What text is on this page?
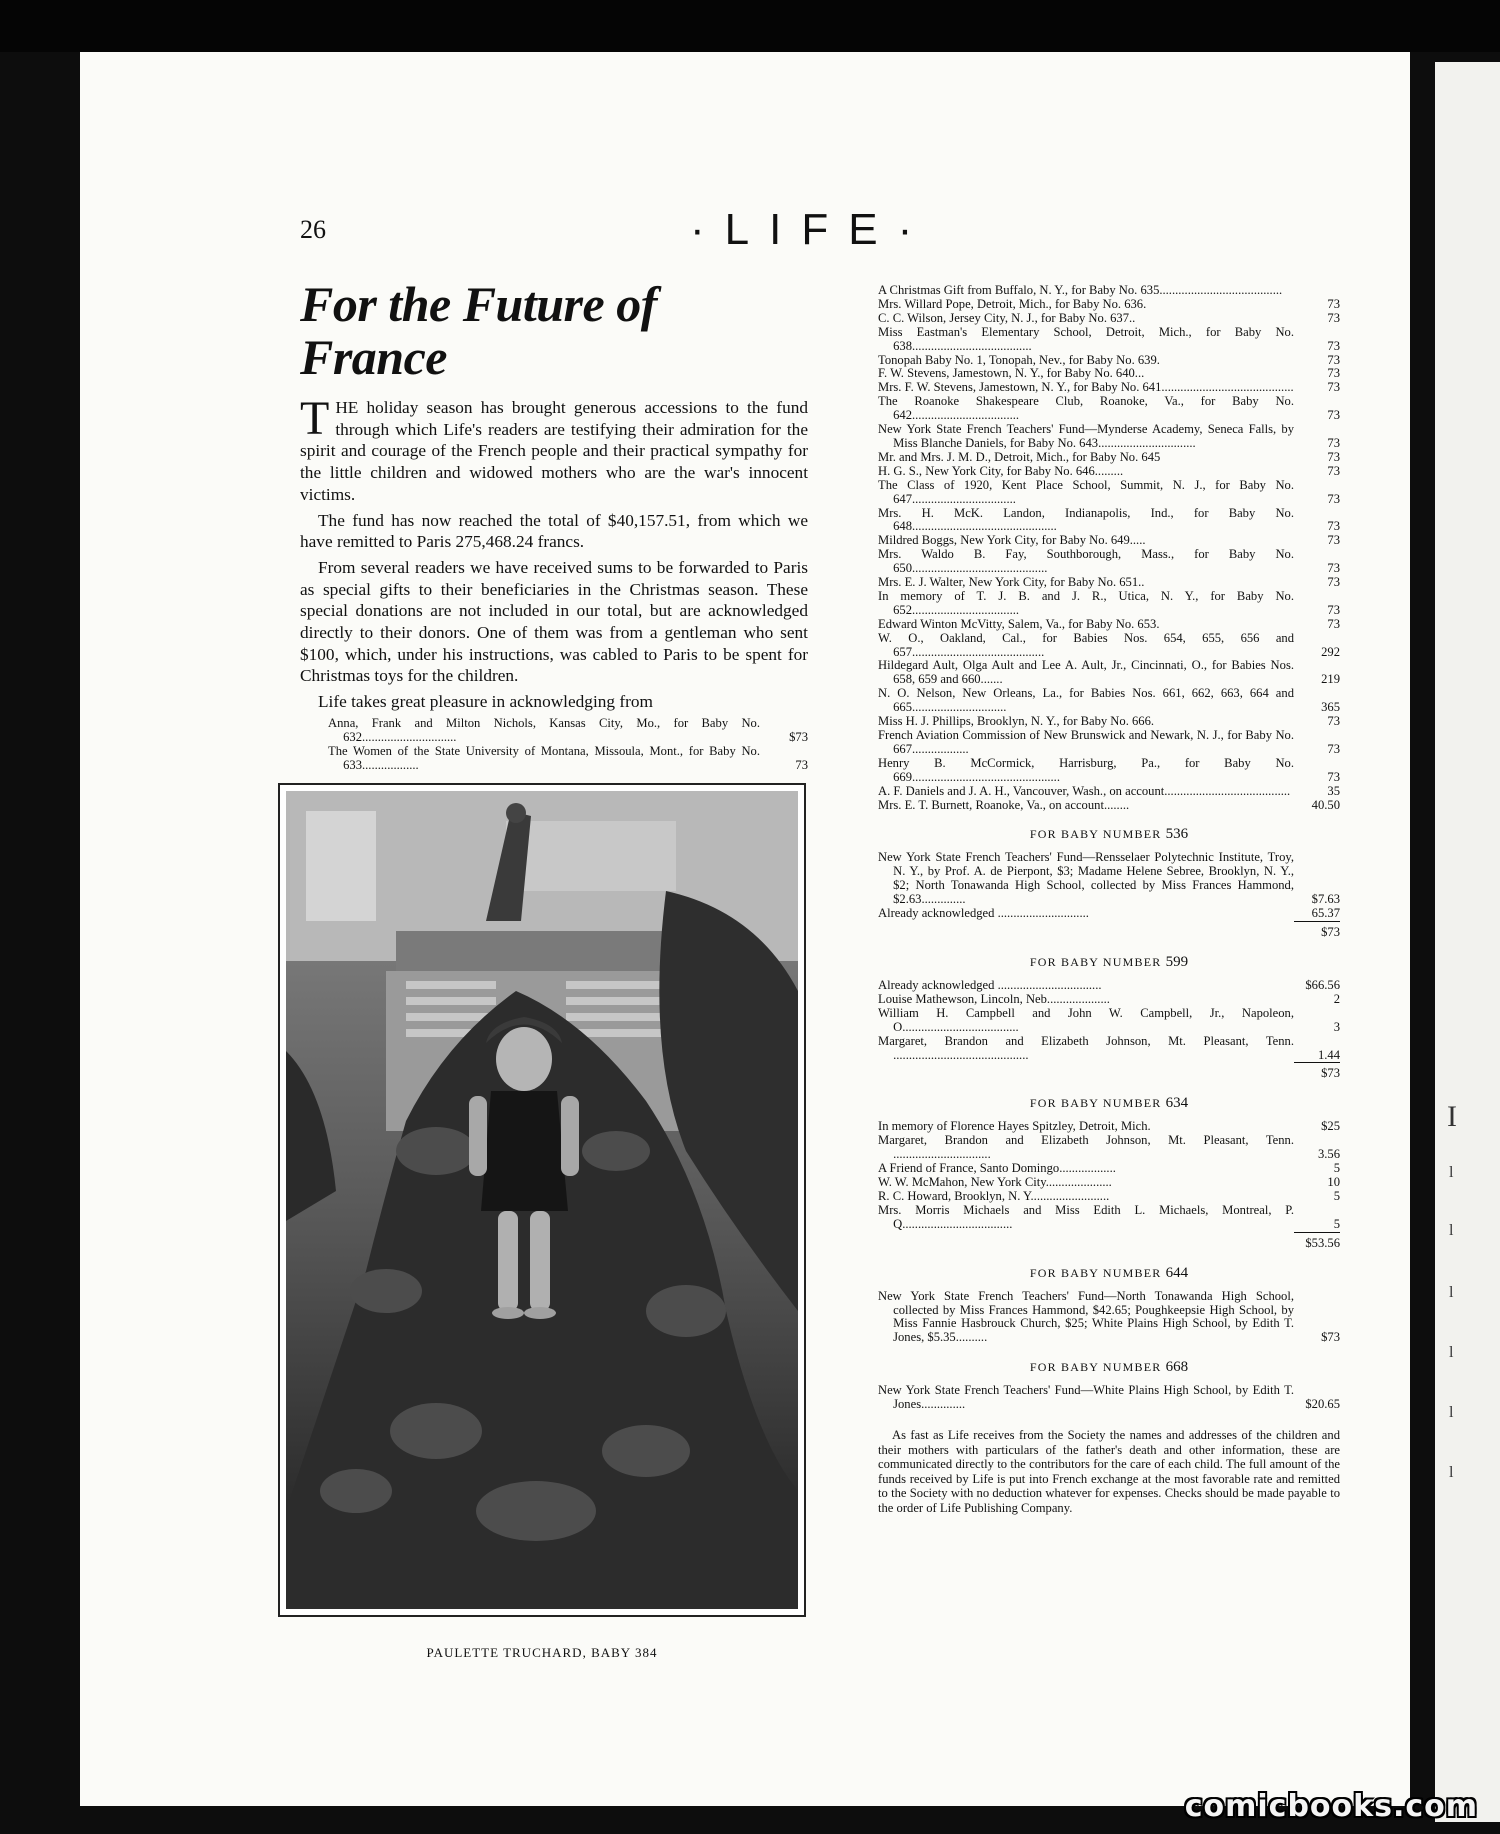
I
l
l
l
l
l
l
26	·LIFE·
For the Future of France

THE holiday season has brought generous accessions to the fund through which Life's readers are testifying their admiration for the spirit and courage of the French people and their practical sympathy for the little children and widowed mothers who are the war's innocent victims.

The fund has now reached the total of $40,157.51, from which we have remitted to Paris 275,468.24 francs.

From several readers we have received sums to be forwarded to Paris as special gifts to their beneficiaries in the Christmas season. These special donations are not included in our total, but are acknowledged directly to their donors. One of them was from a gentleman who sent $100, which, under his instructions, was cabled to Paris to be spent for Christmas toys for the children.

Life takes great pleasure in acknowledging from

Anna, Frank and Milton Nichols, Kansas City, Mo., for Baby No. 632..............................	$73
The Women of the State University of Montana, Missoula, Mont., for Baby No. 633..................	73
PAULETTE TRUCHARD, BABY 384
A Christmas Gift from Buffalo, N. Y., for Baby No. 635.......................................
Mrs. Willard Pope, Detroit, Mich., for Baby No. 636.	73
C. C. Wilson, Jersey City, N. J., for Baby No. 637..	73
Miss Eastman's Elementary School, Detroit, Mich., for Baby No. 638......................................	73
Tonopah Baby No. 1, Tonopah, Nev., for Baby No. 639.	73
F. W. Stevens, Jamestown, N. Y., for Baby No. 640...	73
Mrs. F. W. Stevens, Jamestown, N. Y., for Baby No. 641..........................................	73
The Roanoke Shakespeare Club, Roanoke, Va., for Baby No. 642..................................	73
New York State French Teachers' Fund—Mynderse Academy, Seneca Falls, by Miss Blanche Daniels, for Baby No. 643...............................	73
Mr. and Mrs. J. M. D., Detroit, Mich., for Baby No. 645	73
H. G. S., New York City, for Baby No. 646.........	73
The Class of 1920, Kent Place School, Summit, N. J., for Baby No. 647.................................	73
Mrs. H. McK. Landon, Indianapolis, Ind., for Baby No. 648..............................................	73
Mildred Boggs, New York City, for Baby No. 649.....	73
Mrs. Waldo B. Fay, Southborough, Mass., for Baby No. 650...........................................	73
Mrs. E. J. Walter, New York City, for Baby No. 651..	73
In memory of T. J. B. and J. R., Utica, N. Y., for Baby No. 652..................................	73
Edward Winton McVitty, Salem, Va., for Baby No. 653.	73
W. O., Oakland, Cal., for Babies Nos. 654, 655, 656 and 657..........................................	292
Hildegard Ault, Olga Ault and Lee A. Ault, Jr., Cincinnati, O., for Babies Nos. 658, 659 and 660.......	219
N. O. Nelson, New Orleans, La., for Babies Nos. 661, 662, 663, 664 and 665..............................	365
Miss H. J. Phillips, Brooklyn, N. Y., for Baby No. 666.	73
French Aviation Commission of New Brunswick and Newark, N. J., for Baby No. 667..................	73
Henry B. McCormick, Harrisburg, Pa., for Baby No. 669...............................................	73
A. F. Daniels and J. A. H., Vancouver, Wash., on account........................................	35
Mrs. E. T. Burnett, Roanoke, Va., on account........	40.50
FOR BABY NUMBER 536
New York State French Teachers' Fund—Rensselaer Polytechnic Institute, Troy, N. Y., by Prof. A. de Pierpont, $3; Madame Helene Sebree, Brooklyn, N. Y., $2; North Tonawanda High School, collected by Miss Frances Hammond, $2.63..............	$7.63
Already acknowledged .............................	65.37
$73
FOR BABY NUMBER 599
Already acknowledged .................................	$66.56
Louise Mathewson, Lincoln, Neb....................	2
William H. Campbell and John W. Campbell, Jr., Napoleon, O.....................................	3
Margaret, Brandon and Elizabeth Johnson, Mt. Pleasant, Tenn. ...........................................	1.44
$73
FOR BABY NUMBER 634
In memory of Florence Hayes Spitzley, Detroit, Mich.	$25
Margaret, Brandon and Elizabeth Johnson, Mt. Pleasant, Tenn. ...............................	3.56
A Friend of France, Santo Domingo..................	5
W. W. McMahon, New York City.....................	10
R. C. Howard, Brooklyn, N. Y.........................	5
Mrs. Morris Michaels and Miss Edith L. Michaels, Montreal, P. Q...................................	5
$53.56
FOR BABY NUMBER 644
New York State French Teachers' Fund—North Tonawanda High School, collected by Miss Frances Hammond, $42.65; Poughkeepsie High School, by Miss Fannie Hasbrouck Church, $25; White Plains High School, by Edith T. Jones, $5.35..........	$73
FOR BABY NUMBER 668
New York State French Teachers' Fund—White Plains High School, by Edith T. Jones..............	$20.65

As fast as Life receives from the Society the names and addresses of the children and their mothers with particulars of the father's death and other information, these are communicated directly to the contributors for the care of each child. The full amount of the funds received by Life is put into French exchange at the most favorable rate and remitted to the Society with no deduction whatever for expenses. Checks should be made payable to the order of Life Publishing Company.

comicbooks.com
